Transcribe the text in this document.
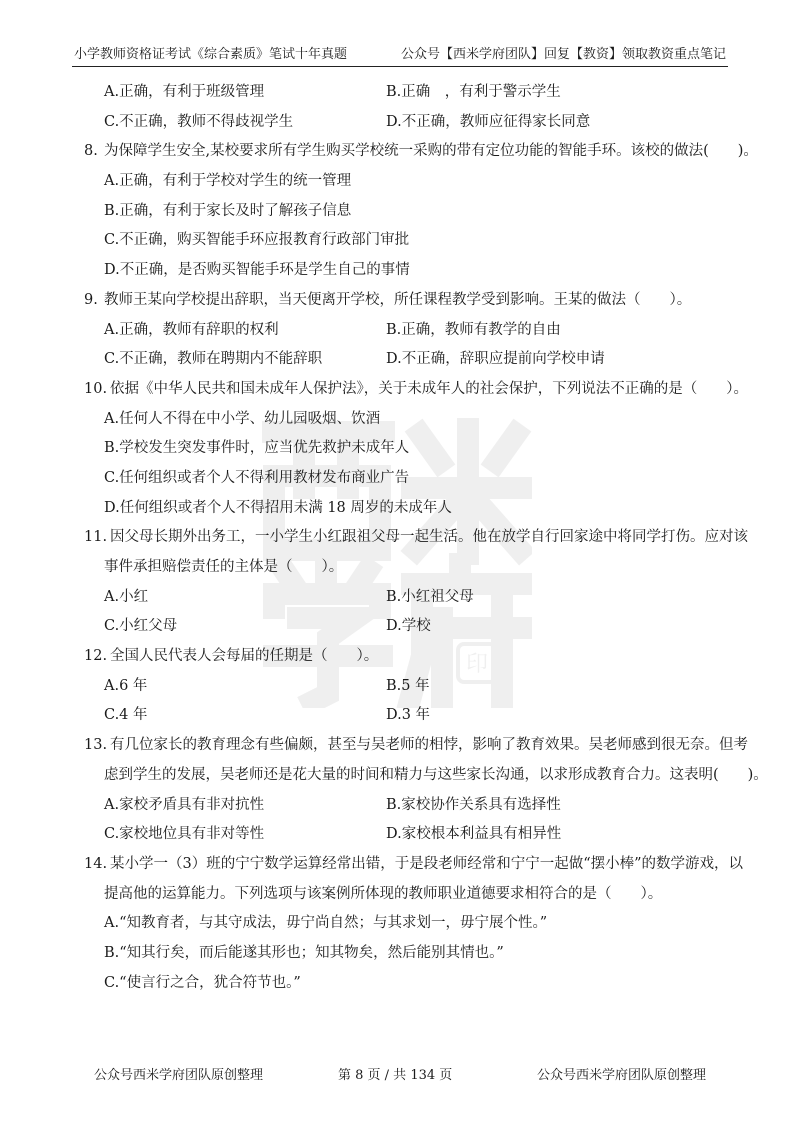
小学教师资格证考试《综合素质》笔试十年真题	公众号【西米学府团队】回复【教资】领取教资重点笔记
印
A.正确，有利于班级管理	B.正确　，有利于警示学生
C.不正确，教师不得歧视学生	D.不正确，教师应征得家长同意
8. 为保障学生安全,某校要求所有学生购买学校统一采购的带有定位功能的智能手环。该校的做法(　　)。
A.正确，有利于学校对学生的统一管理
B.正确，有利于家长及时了解孩子信息
C.不正确，购买智能手环应报教育行政部门审批
D.不正确，是否购买智能手环是学生自己的事情
9. 教师王某向学校提出辞职，当天便离开学校，所任课程教学受到影响。王某的做法（　　）。
A.正确，教师有辞职的权利	B.正确，教师有教学的自由
C.不正确，教师在聘期内不能辞职	D.不正确，辞职应提前向学校申请
10. 依据《中华人民共和国未成年人保护法》，关于未成年人的社会保护，下列说法不正确的是（　　）。
A.任何人不得在中小学、幼儿园吸烟、饮酒
B.学校发生突发事件时，应当优先救护未成年人
C.任何组织或者个人不得利用教材发布商业广告
D.任何组织或者个人不得招用未满 18 周岁的未成年人
11. 因父母长期外出务工，一小学生小红跟祖父母一起生活。他在放学自行回家途中将同学打伤。应对该
事件承担赔偿责任的主体是（　　）。
A.小红	B.小红祖父母
C.小红父母	D.学校
12. 全国人民代表人会每届的任期是（　　）。
A.6 年	B.5 年
C.4 年	D.3 年
13. 有几位家长的教育理念有些偏颇，甚至与吴老师的相悖，影响了教育效果。吴老师感到很无奈。但考
虑到学生的发展，吴老师还是花大量的时间和精力与这些家长沟通，以求形成教育合力。这表明(　　)。
A.家校矛盾具有非对抗性	B.家校协作关系具有选择性
C.家校地位具有非对等性	D.家校根本利益具有相异性
14. 某小学一（3）班的宁宁数学运算经常出错，于是段老师经常和宁宁一起做“摆小棒”的数学游戏，以
提高他的运算能力。下列选项与该案例所体现的教师职业道德要求相符合的是（　　）。
A.“知教育者，与其守成法，毋宁尚自然；与其求划一，毋宁展个性。”
B.“知其行矣，而后能遂其形也；知其物矣，然后能别其情也。”
C.“使言行之合，犹合符节也。”
公众号西米学府团队原创整理	第 8 页 / 共 134 页	公众号西米学府团队原创整理
